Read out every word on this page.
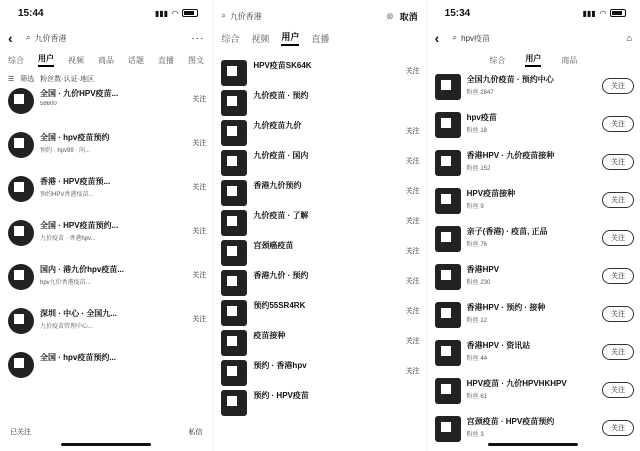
15:44	▮▮▮ ◠
‹	⌕ 九价香港	···
综合 用户 视频 商品 话题 直播 图文
☰ 筛选 粉丝数·认证·地区
全国 · 九价HPV疫苗...
58600
关注
全国 · hpv疫苗预约
预约 · hpv99 · 问...
关注
香港 · HPV疫苗预...
预约HPV香港疫苗...
关注
全国 · HPV疫苗预约...
九价疫苗 · 香港hpv...
关注
国内 · 港九价hpv疫苗...
hpv九价香港疫苗...
关注
深圳 · 中心 · 全国九...
九价疫苗管理中心...
关注
全国 · hpv疫苗预约...
已关注	私信
⌕ 九价香港	⊗ 取消
综合 视频 用户 直播
HPV疫苗SK64K
关注
九价疫苗 · 预约
九价疫苗九价
关注
九价疫苗 · 国内
关注
香港九价预约
关注
九价疫苗 · 了解
关注
宫颈癌疫苗
关注
香港九价 · 预约
关注
预约55SR4RK
关注
疫苗接种
关注
预约 · 香港hpv
关注
预约 · HPV疫苗
15:34	▮▮▮ ◠
‹	⌕ hpv疫苗	⌂
综合	用户	商品
全国九价疫苗 · 预约中心
粉丝 2847
关注
hpv疫苗
粉丝 18
关注
香港HPV · 九价疫苗接种
粉丝 152
关注
HPV疫苗接种
粉丝 9
关注
亲子(香港) · 疫苗, 正品
粉丝 76
关注
香港HPV
粉丝 230
关注
香港HPV · 预约 · 接种
粉丝 12
关注
香港HPV · 资讯站
粉丝 44
关注
HPV疫苗 · 九价HPVHKHPV
粉丝 61
关注
宫颈疫苗 · HPV疫苗预约
粉丝 3
关注
